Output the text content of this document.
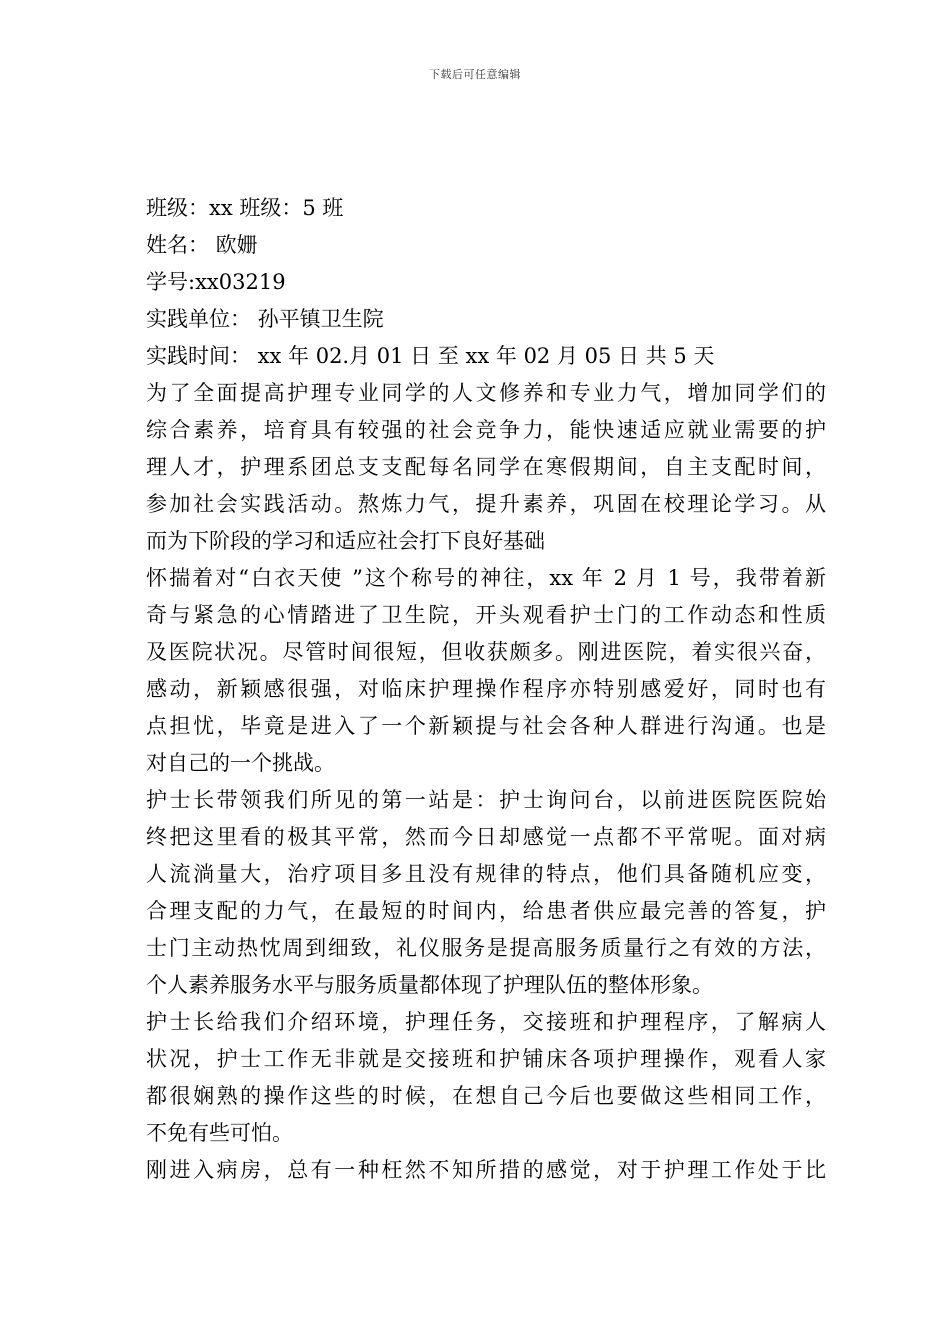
下载后可任意编辑
班级：xx 班级：5 班
姓名： 欧姗
学号:xx03219
实践单位： 孙平镇卫生院
实践时间： xx 年 02.月 01 日 至 xx 年 02 月 05 日 共 5 天
为了全面提高护理专业同学的人文修养和专业力气，增加同学们的
综合素养，培育具有较强的社会竞争力，能快速适应就业需要的护
理人才，护理系团总支支配每名同学在寒假期间，自主支配时间，
参加社会实践活动。熬炼力气，提升素养，巩固在校理论学习。从
而为下阶段的学习和适应社会打下良好基础
怀揣着对“白衣天使 ”这个称号的神往，xx 年 2 月 1 号，我带着新
奇与紧急的心情踏进了卫生院，开头观看护士门的工作动态和性质
及医院状况。尽管时间很短，但收获颇多。刚进医院，着实很兴奋，
感动，新颖感很强，对临床护理操作程序亦特别感爱好，同时也有
点担忧，毕竟是进入了一个新颖提与社会各种人群进行沟通。也是
对自己的一个挑战。
护士长带领我们所见的第一站是：护士询问台，以前进医院医院始
终把这里看的极其平常，然而今日却感觉一点都不平常呢。面对病
人流淌量大，治疗项目多且没有规律的特点，他们具备随机应变，
合理支配的力气，在最短的时间内，给患者供应最完善的答复，护
士门主动热忱周到细致，礼仪服务是提高服务质量行之有效的方法，
个人素养服务水平与服务质量都体现了护理队伍的整体形象。
护士长给我们介绍环境，护理任务，交接班和护理程序，了解病人
状况，护士工作无非就是交接班和护铺床各项护理操作，观看人家
都很娴熟的操作这些的时候，在想自己今后也要做这些相同工作，
不免有些可怕。
刚进入病房，总有一种枉然不知所措的感觉，对于护理工作处于比
